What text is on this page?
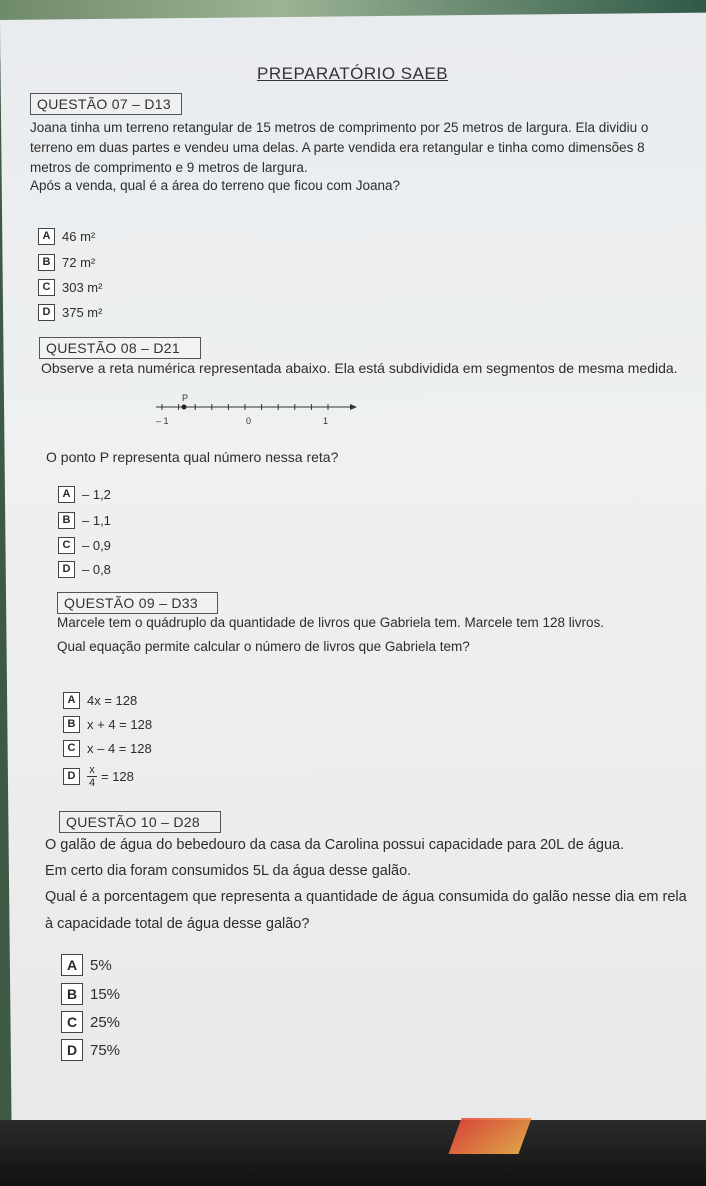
PREPARATÓRIO SAEB
QUESTÃO 07 – D13
Joana tinha um terreno retangular de 15 metros de comprimento por 25 metros de largura. Ela dividiu o
terreno em duas partes e vendeu uma delas. A parte vendida era retangular e tinha como dimensões 8
metros de comprimento e 9 metros de largura.
Após a venda, qual é a área do terreno que ficou com Joana?
A 46 m²
B 72 m²
C 303 m²
D 375 m²
QUESTÃO 08 – D21
Observe a reta numérica representada abaixo. Ela está subdividida em segmentos de mesma medida.
P
– 1	0	1
O ponto P representa qual número nessa reta?
A – 1,2
B – 1,1
C – 0,9
D – 0,8
QUESTÃO 09 – D33
Marcele tem o quádruplo da quantidade de livros que Gabriela tem. Marcele tem 128 livros.
Qual equação permite calcular o número de livros que Gabriela tem?
A 4x = 128
B x + 4 = 128
C x – 4 = 128
D	$\frac{x}{4} = 128$
QUESTÃO 10 – D28
O galão de água do bebedouro da casa da Carolina possui capacidade para 20L de água.
Em certo dia foram consumidos 5L da água desse galão.
Qual é a porcentagem que representa a quantidade de água consumida do galão nesse dia em rela
à capacidade total de água desse galão?
A 5%
B 15%
C 25%
D 75%
